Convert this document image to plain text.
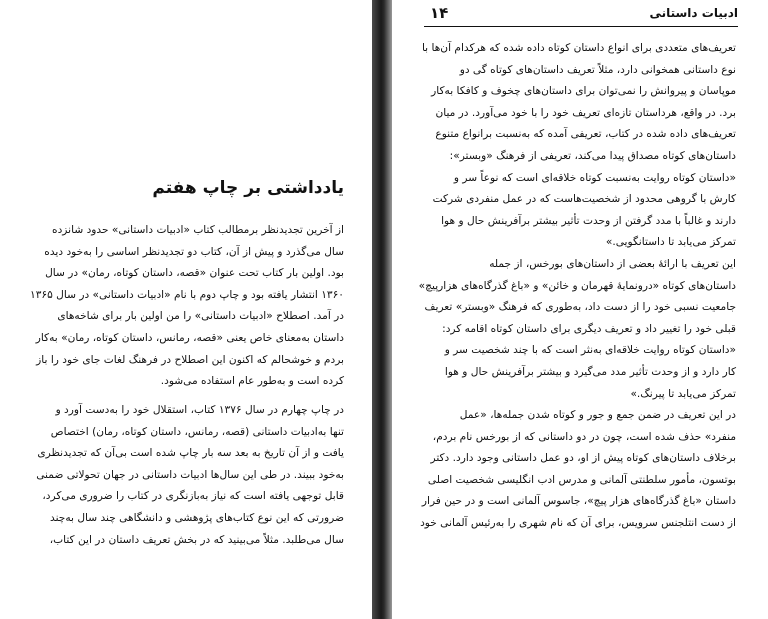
یادداشتی بر چاپ هفتم
از آخرین تجدیدنظر برمطالب کتاب «ادبیات داستانی» حدود شانزده
سال می‌گذرد و پیش از آن، کتاب دو تجدیدنظر اساسی را به‌خود دیده
بود. اولین بار کتاب تحت عنوان «قصه، داستان کوتاه، رمان» در سال
۱۳۶۰ انتشار یافته بود و چاپ دوم با نام «ادبیات داستانی» در سال ۱۳۶۵
در آمد. اصطلاح «ادبیات داستانی» را من اولین بار برای شاخه‌های
داستان به‌معنای خاص یعنی «قصه، رمانس، داستان کوتاه، رمان» به‌کار
بردم و خوشحالم که اکنون این اصطلاح در فرهنگ لغات جای خود را باز
کرده است و به‌طور عام استفاده می‌شود.
در چاپ چهارم در سال ۱۳۷۶ کتاب، استقلال خود را به‌دست آورد و
تنها به‌ادبیات داستانی (قصه، رمانس، داستان کوتاه، رمان) اختصاص
یافت و از آن تاریخ به بعد سه بار چاپ شده است بی‌آن که تجدیدنظری
به‌خود ببیند. در طی این سال‌ها ادبیات داستانی در جهان تحولاتی ضمنی
قابل توجهی یافته است که نیاز به‌بازنگری در کتاب را ضروری می‌کرد،
ضرورتی که این نوع کتاب‌های پژوهشی و دانشگاهی چند سال به‌چند
سال می‌طلبد. مثلاً می‌بینید که در بخش تعریف داستان در این کتاب،
ادبیات داستانی
۱۴
تعریف‌های متعددی برای انواع داستان کوتاه داده شده که هرکدام آن‌ها با
نوع داستانی همخوانی دارد، مثلاً تعریف داستان‌های کوتاه گی دو
موپاسان و پیروانش را نمی‌توان برای داستان‌های چخوف و کافکا به‌کار
برد. در واقع، هرداستان تازه‌ای تعریف خود را با خود می‌آورد. در میان
تعریف‌های داده شده در کتاب، تعریفی آمده که به‌نسبت برانواع متنوع
داستان‌های کوتاه مصداق پیدا می‌کند، تعریفی از فرهنگ «وبستر»:
«داستان کوتاه روایت به‌نسبت کوتاه خلاقه‌ای است که نوعاً سر و
کارش با گروهی محدود از شخصیت‌هاست که در عمل منفردی شرکت
دارند و غالباً با مدد گرفتن از وحدت تأثیر بیشتر برآفرینش حال و هوا
تمرکز می‌یابد تا داستانگویی.»
این تعریف با ارائهٔ بعضی از داستان‌های بورخس، از جمله
داستان‌های کوتاه «درونمایهٔ قهرمان و خائن» و «باغ گذرگاه‌های هزارپیچ»
جامعیت نسبی خود را از دست داد، به‌طوری که فرهنگ «وبستر» تعریف
قبلی خود را تغییر داد و تعریف دیگری برای داستان کوتاه اقامه کرد:
«داستان کوتاه روایت خلاقه‌ای به‌نثر است که با چند شخصیت سر و
کار دارد و از وحدت تأثیر مدد می‌گیرد و بیشتر برآفرینش حال و هوا
تمرکز می‌یابد تا پیرنگ.»
در این تعریف در ضمن جمع و جور و کوتاه شدن جمله‌ها، «عمل
منفرد» حذف شده است، چون در دو داستانی که از بورخس نام بردم،
برخلاف داستان‌های کوتاه پیش از او، دو عمل داستانی وجود دارد. دکتر
بوتسون، مأمور سلطنتی آلمانی و مدرس ادب انگلیسی شخصیت اصلی
داستان «باغ گذرگاه‌های هزار پیچ»، جاسوس آلمانی است و در حین فرار
از دست انتلجنس سرویس، برای آن که نام شهری را به‌رئیس آلمانی خود
